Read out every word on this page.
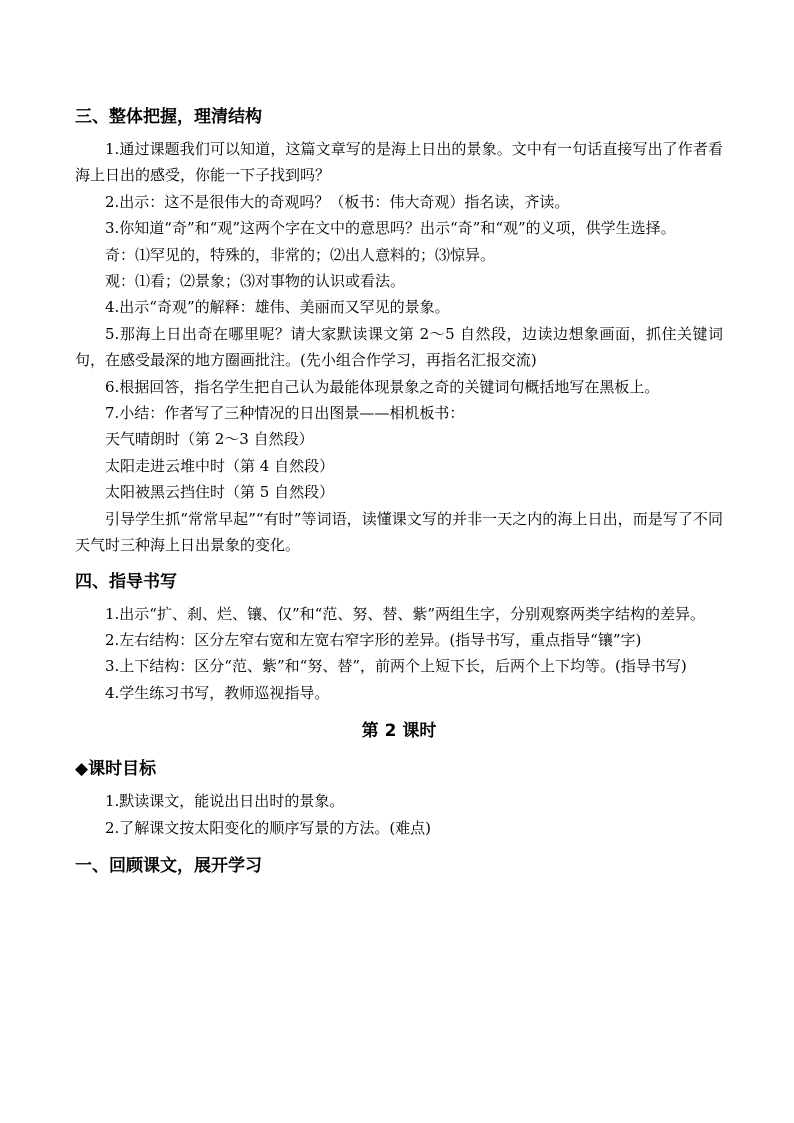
三、整体把握，理清结构

1.通过课题我们可以知道，这篇文章写的是海上日出的景象。文中有一句话直接写出了作者看海上日出的感受，你能一下子找到吗？

2.出示：这不是很伟大的奇观吗？（板书：伟大奇观）指名读，齐读。

3.你知道“奇”和“观”这两个字在文中的意思吗？出示“奇”和“观”的义项，供学生选择。

奇：⑴罕见的，特殊的，非常的；⑵出人意料的；⑶惊异。

观：⑴看；⑵景象；⑶对事物的认识或看法。

4.出示“奇观”的解释：雄伟、美丽而又罕见的景象。

5.那海上日出奇在哪里呢？请大家默读课文第 2～5 自然段，边读边想象画面，抓住关键词句，在感受最深的地方圈画批注。(先小组合作学习，再指名汇报交流)

6.根据回答，指名学生把自己认为最能体现景象之奇的关键词句概括地写在黑板上。

7.小结：作者写了三种情况的日出图景——相机板书：

天气晴朗时（第 2～3 自然段）

太阳走进云堆中时（第 4 自然段）

太阳被黑云挡住时（第 5 自然段）

引导学生抓“常常早起”“有时”等词语，读懂课文写的并非一天之内的海上日出，而是写了不同天气时三种海上日出景象的变化。

四、指导书写

1.出示“扩、刹、烂、镶、仅”和“范、努、替、紫”两组生字，分别观察两类字结构的差异。

2.左右结构：区分左窄右宽和左宽右窄字形的差异。(指导书写，重点指导“镶”字)

3.上下结构：区分“范、紫”和“努、替”，前两个上短下长，后两个上下均等。(指导书写)

4.学生练习书写，教师巡视指导。

第 2 课时

◆课时目标

1.默读课文，能说出日出时的景象。

2.了解课文按太阳变化的顺序写景的方法。(难点)

一、回顾课文，展开学习
